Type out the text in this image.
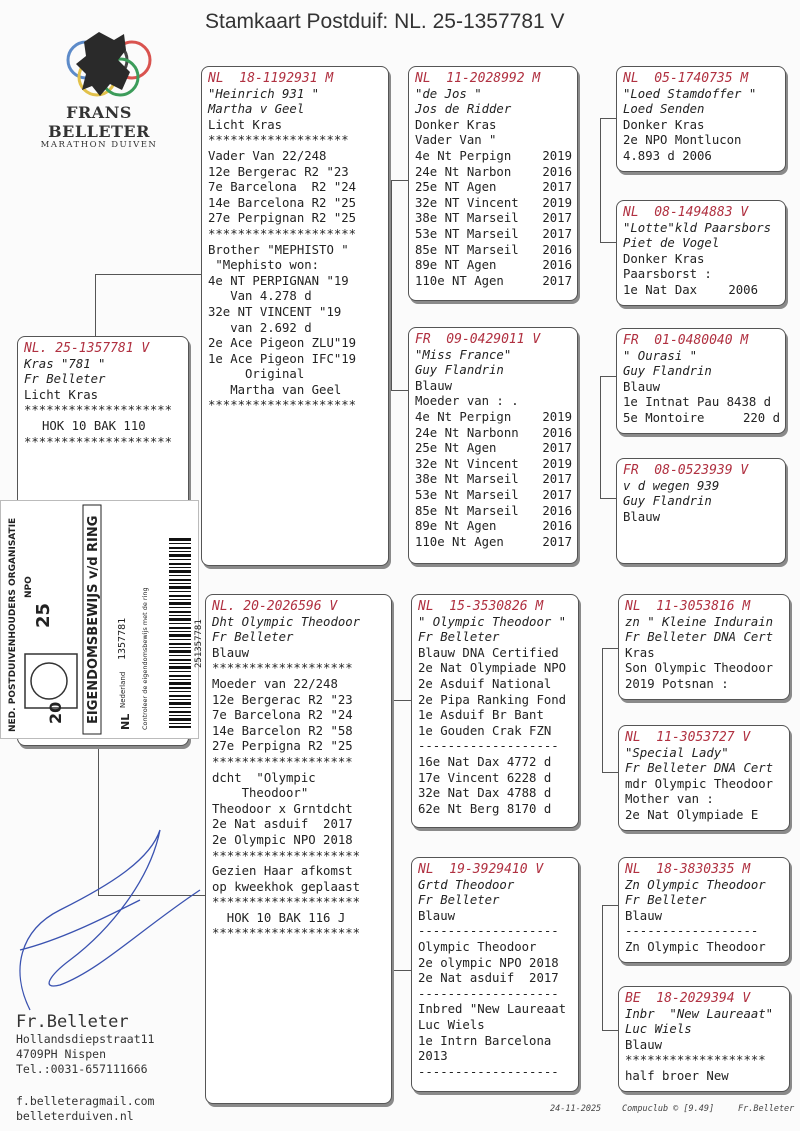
Stamkaart Postduif: NL. 25-1357781 V
FRANS BELLETER
MARATHON DUIVEN
NL. 25-1357781 V
Kras "781 "
Fr Belleter
Licht Kras
********************
HOK 10 BAK 110
********************
NL  18-1192931 M
"Heinrich 931 "
Martha v Geel
Licht Kras
*******************
Vader Van 22/248
12e Bergerac R2 "23
7e Barcelona  R2 "24
14e Barcelona R2 "25
27e Perpignan R2 "25
********************
Brother "MEPHISTO "
"Mephisto won:
4e NT PERPIGNAN "19
Van 4.278 d
32e NT VINCENT "19
van 2.692 d
2e Ace Pigeon ZLU"19
1e Ace Pigeon IFC"19
Original
Martha van Geel
********************
NL. 20-2026596 V
Dht Olympic Theodoor
Fr Belleter
Blauw
*******************
Moeder van 22/248
12e Bergerac R2 "23
7e Barcelona R2 "24
14e Barcelon R2 "58
27e Perpigna R2 "25
*******************
dcht  "Olympic
Theodoor"
Theodoor x Grntdcht
2e Nat asduif  2017
2e Olympic NPO 2018
********************
Gezien Haar afkomst
op kweekhok geplaast
********************
HOK 10 BAK 116 J
********************
NL  11-2028992 M
"de Jos "
Jos de Ridder
Donker Kras
Vader Van "
4e Nt Perpign	2019
24e Nt Narbon	2016
25e NT Agen	2017
32e NT Vincent 2019
38e NT Marseil 2017
53e NT Marseil 2017
85e NT Marseil 2016
89e NT Agen	2016
110e NT Agen	2017
FR  09-0429011 V
"Miss France"
Guy Flandrin
Blauw
Moeder van : .
4e Nt Perpign	2019
24e Nt Narbonn 2016
25e Nt Agen	2017
32e Nt Vincent 2019
38e Nt Marseil 2017
53e Nt Marseil 2017
85e Nt Marseil 2016
89e Nt Agen	2016
110e Nt Agen	2017
NL  15-3530826 M
" Olympic Theodoor "
Fr Belleter
Blauw DNA Certified
2e Nat Olympiade NPO
2e Asduif National
2e Pipa Ranking Fond
1e Asduif Br Bant
1e Gouden Crak FZN
-------------------
16e Nat Dax 4772 d
17e Vincent 6228 d
32e Nat Dax 4788 d
62e Nt Berg 8170 d
NL  19-3929410 V
Grtd Theodoor
Fr Belleter
Blauw
-------------------
Olympic Theodoor
2e olympic NPO 2018
2e Nat asduif  2017
-------------------
Inbred "New Laureaat
Luc Wiels
1e Intrn Barcelona
2013
-------------------
NL  05-1740735 M
"Loed Stamdoffer "
Loed Senden
Donker Kras
2e NPO Montlucon
4.893 d 2006
NL  08-1494883 V
"Lotte"kld Paarsbors
Piet de Vogel
Donker Kras
Paarsborst :
1e Nat Dax	2006
FR  01-0480040 M
" Ourasi "
Guy Flandrin
Blauw
1e Intnat Pau 8438 d
5e Montoire	220 d
FR  08-0523939 V
v d wegen 939
Guy Flandrin
Blauw
NL  11-3053816 M
zn " Kleine Indurain
Fr Belleter DNA Cert
Kras
Son Olympic Theodoor
2019 Potsnan :
NL  11-3053727 V
"Special Lady"
Fr Belleter DNA Cert
mdr Olympic Theodoor
Mother van :
2e Nat Olympiade E
NL  18-3830335 M
Zn Olympic Theodoor
Fr Belleter
Blauw
------------------
Zn Olympic Theodoor
BE  18-2029394 V
Inbr  "New Laureaat"
Luc Wiels
Blauw
*******************
half broer New
NED. POSTDUIVENHOUDERS ORGANISATIE	EIGENDOMSBEWIJS v/d RING
25
20	NL
Nederland
1357781 Controleer de eigendomsbewijs met de ring
NPO
251357781
Fr.Belleter
Hollandsdiepstraat11
4709PH Nispen
Tel.:0031-657111666
f.belleteragmail.com
belleterduiven.nl	24-11-2025 Compuclub © [9.49]	Fr.Belleter
